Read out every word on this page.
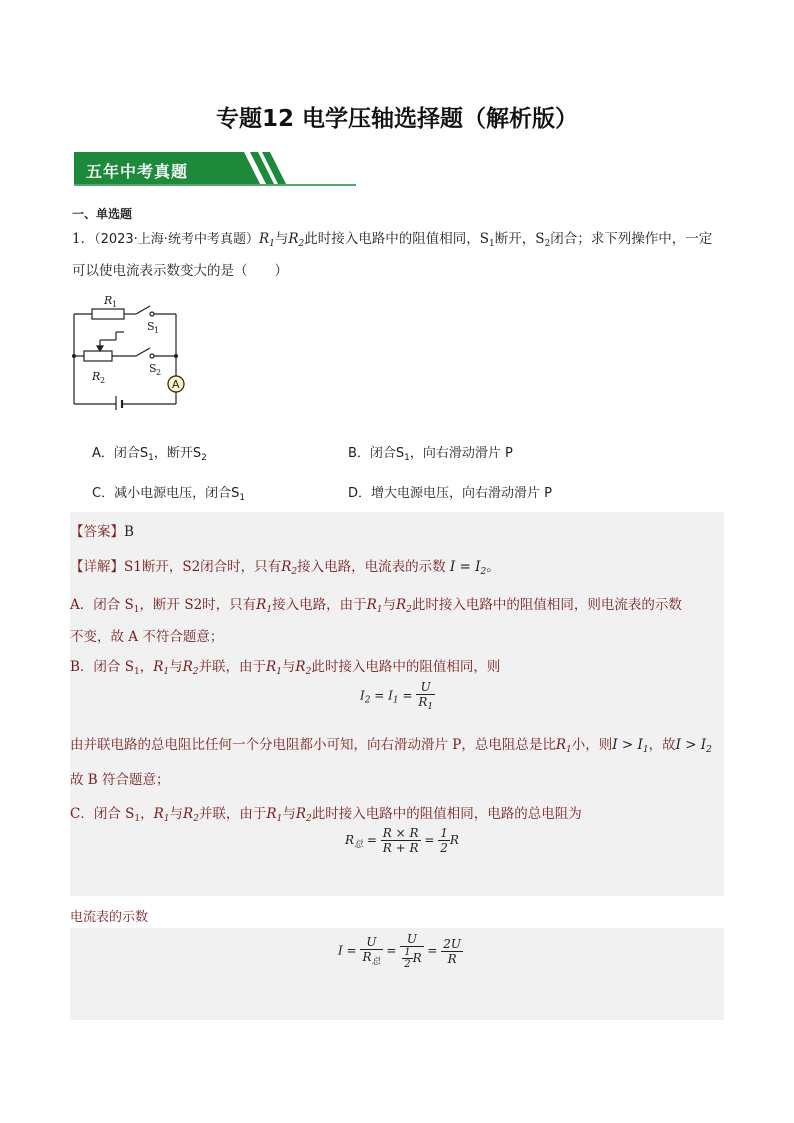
专题12 电学压轴选择题（解析版）
五年中考真题
一、单选题
1．（2023·上海·统考中考真题）$R_1$与$R_2$此时接入电路中的阻值相同，$S_1$断开，$S_2$闭合；求下列操作中，一定可以使电流表示数变大的是（　　）
A
R 1
S 1
R 2
S 2
A．闭合$S_1$，断开$S_2$	B．闭合$S_1$，向右滑动滑片 P
C．减小电源电压，闭合$S_1$	D．增大电源电压，向右滑动滑片 P
【答案】B
【详解】S1断开，S2闭合时，只有$R_2$接入电路，电流表的示数 $I = I_2$。
A．闭合 $S_1$，断开 S2时，只有$R_1$接入电路，由于$R_1$与$R_2$此时接入电路中的阻值相同，则电流表的示数
不变，故 A 不符合题意；
B．闭合 $S_1$，$R_1$与$R_2$并联，由于$R_1$与$R_2$此时接入电路中的阻值相同，则
$I_2 = I_1 = \frac{U}{R_1}$
由并联电路的总电阻比任何一个分电阻都小可知，向右滑动滑片 P，总电阻总是比$R_1$小，则$I > I_1$，故$I > I_2$
故 B 符合题意；
C．闭合 $S_1$，$R_1$与$R_2$并联，由于$R_1$与$R_2$此时接入电路中的阻值相同，电路的总电阻为
$R_总 = \frac{R \times R}{R + R} = \frac{1}{2}$ R
电流表的示数
$I = \frac{U}{R_总} = \frac{U}{\frac{1}{2} R} = \frac{2U}{R}$
